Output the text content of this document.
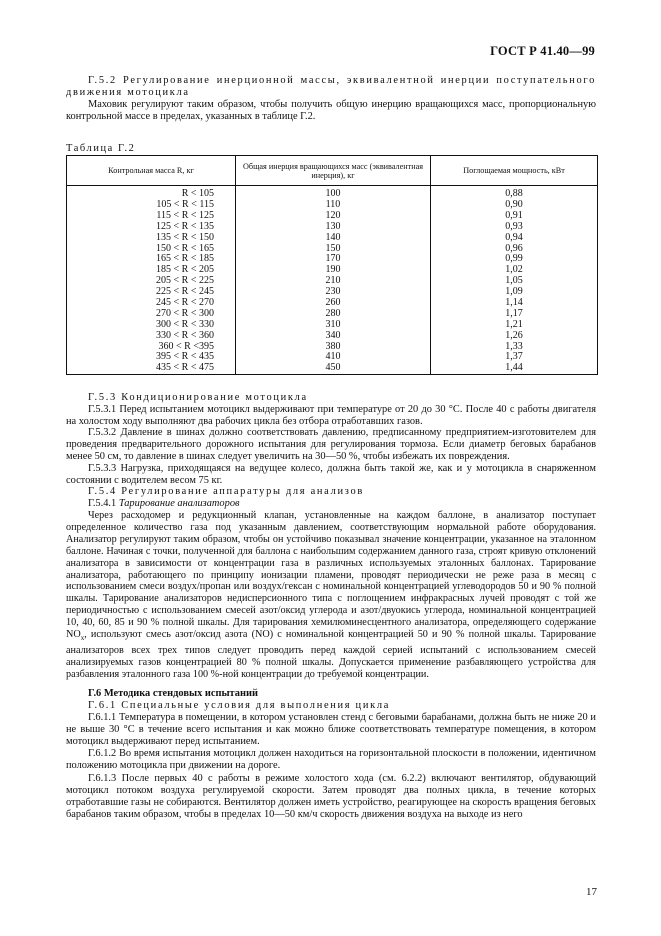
ГОСТ Р 41.40—99
Г.5.2 Регулирование инерционной массы, эквивалентной инерции поступательного движения мотоцикла
Маховик регулируют таким образом, чтобы получить общую инерцию вращающихся масс, пропорциональную контрольной массе в пределах, указанных в таблице Г.2.
Таблица Г.2
Контрольная масса R, кг	Общая инерция вращающихся масс (эквивалентная инерция), кг	Поглощаемая мощность, кВт
R < 105	100	0,88
105 < R < 115	110	0,90
115 < R < 125	120	0,91
125 < R < 135	130	0,93
135 < R < 150	140	0,94
150 < R < 165	150	0,96
165 < R < 185	170	0,99
185 < R < 205	190	1,02
205 < R < 225	210	1,05
225 < R < 245	230	1,09
245 < R < 270	260	1,14
270 < R < 300	280	1,17
300 < R < 330	310	1,21
330 < R < 360	340	1,26
360 < R <395	380	1,33
395 < R < 435	410	1,37
435 < R < 475	450	1,44
Г.5.3 Кондиционирование мотоцикла
Г.5.3.1 Перед испытанием мотоцикл выдерживают при температуре от 20 до 30 °С. После 40 с работы двигателя на холостом ходу выполняют два рабочих цикла без отбора отработавших газов.
Г.5.3.2 Давление в шинах должно соответствовать давлению, предписанному предприятием-изготовителем для проведения предварительного дорожного испытания для регулирования тормоза. Если диаметр беговых барабанов менее 50 см, то давление в шинах следует увеличить на 30—50 %, чтобы избежать их повреждения.
Г.5.3.3 Нагрузка, приходящаяся на ведущее колесо, должна быть такой же, как и у мотоцикла в снаряженном состоянии с водителем весом 75 кг.
Г.5.4 Регулирование аппаратуры для анализов
Г.5.4.1 Тарирование анализаторов
Через расходомер и редукционный клапан, установленные на каждом баллоне, в анализатор поступает определенное количество газа под указанным давлением, соответствующим нормальной работе оборудования. Анализатор регулируют таким образом, чтобы он устойчиво показывал значение концентрации, указанное на эталонном баллоне. Начиная с точки, полученной для баллона с наибольшим содержанием данного газа, строят кривую отклонений анализатора в зависимости от концентрации газа в различных используемых эталонных баллонах. Тарирование анализатора, работающего по принципу ионизации пламени, проводят периодически не реже раза в месяц с использованием смеси воздух/пропан или воздух/гексан с номинальной концентрацией углеводородов 50 и 90 % полной шкалы. Тарирование анализаторов недисперсионного типа с поглощением инфракрасных лучей проводят с той же периодичностью с использованием смесей азот/оксид углерода и азот/двуокись углерода, номинальной концентрацией 10, 40, 60, 85 и 90 % полной шкалы. Для тарирования хемилюминесцентного анализатора, определяющего содержание $NO_x$, используют смесь азот/оксид азота (NO) с номинальной концентрацией 50 и 90 % полной шкалы. Тарирование анализаторов всех трех типов следует проводить перед каждой серией испытаний с использованием смесей анализируемых газов концентрацией 80 % полной шкалы. Допускается применение разбавляющего устройства для разбавления эталонного газа 100 %-ной концентрации до требуемой концентрации.
Г.6 Методика стендовых испытаний
Г.6.1 Специальные условия для выполнения цикла
Г.6.1.1 Температура в помещении, в котором установлен стенд с беговыми барабанами, должна быть не ниже 20 и не выше 30 °С в течение всего испытания и как можно ближе соответствовать температуре помещения, в котором мотоцикл выдерживают перед испытанием.
Г.6.1.2 Во время испытания мотоцикл должен находиться на горизонтальной плоскости в положении, идентичном положению мотоцикла при движении на дороге.
Г.6.1.3 После первых 40 с работы в режиме холостого хода (см. 6.2.2) включают вентилятор, обдувающий мотоцикл потоком воздуха регулируемой скорости. Затем проводят два полных цикла, в течение которых отработавшие газы не собираются. Вентилятор должен иметь устройство, реагирующее на скорость вращения беговых барабанов таким образом, чтобы в пределах 10—50 км/ч скорость движения воздуха на выходе из него
17
